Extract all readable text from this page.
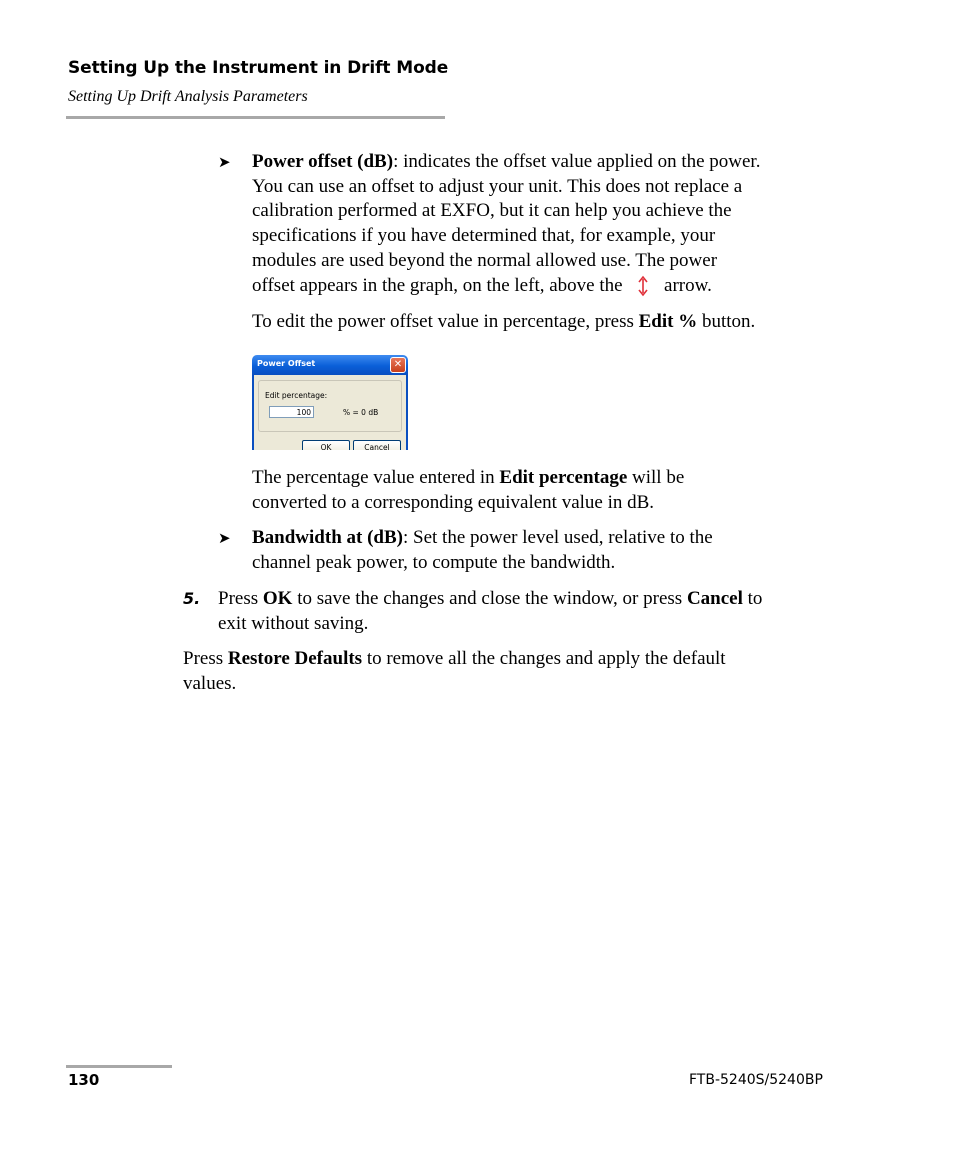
Setting Up the Instrument in Drift Mode
Setting Up Drift Analysis Parameters
➤ Power offset (dB): indicates the offset value applied on the power.
You can use an offset to adjust your unit. This does not replace a
calibration performed at EXFO, but it can help you achieve the
specifications if you have determined that, for example, your
modules are used beyond the normal allowed use. The power
offset appears in the graph, on the left, above the arrow.
To edit the power offset value in percentage, press Edit % button.
Power Offset	✕
Edit percentage:
100	% = 0 dB
OK	Cancel
The percentage value entered in Edit percentage will be
converted to a corresponding equivalent value in dB.
➤ Bandwidth at (dB): Set the power level used, relative to the
channel peak power, to compute the bandwidth.
5. Press OK to save the changes and close the window, or press Cancel to
exit without saving.
Press Restore Defaults to remove all the changes and apply the default
values.
130	FTB-5240S/5240BP
